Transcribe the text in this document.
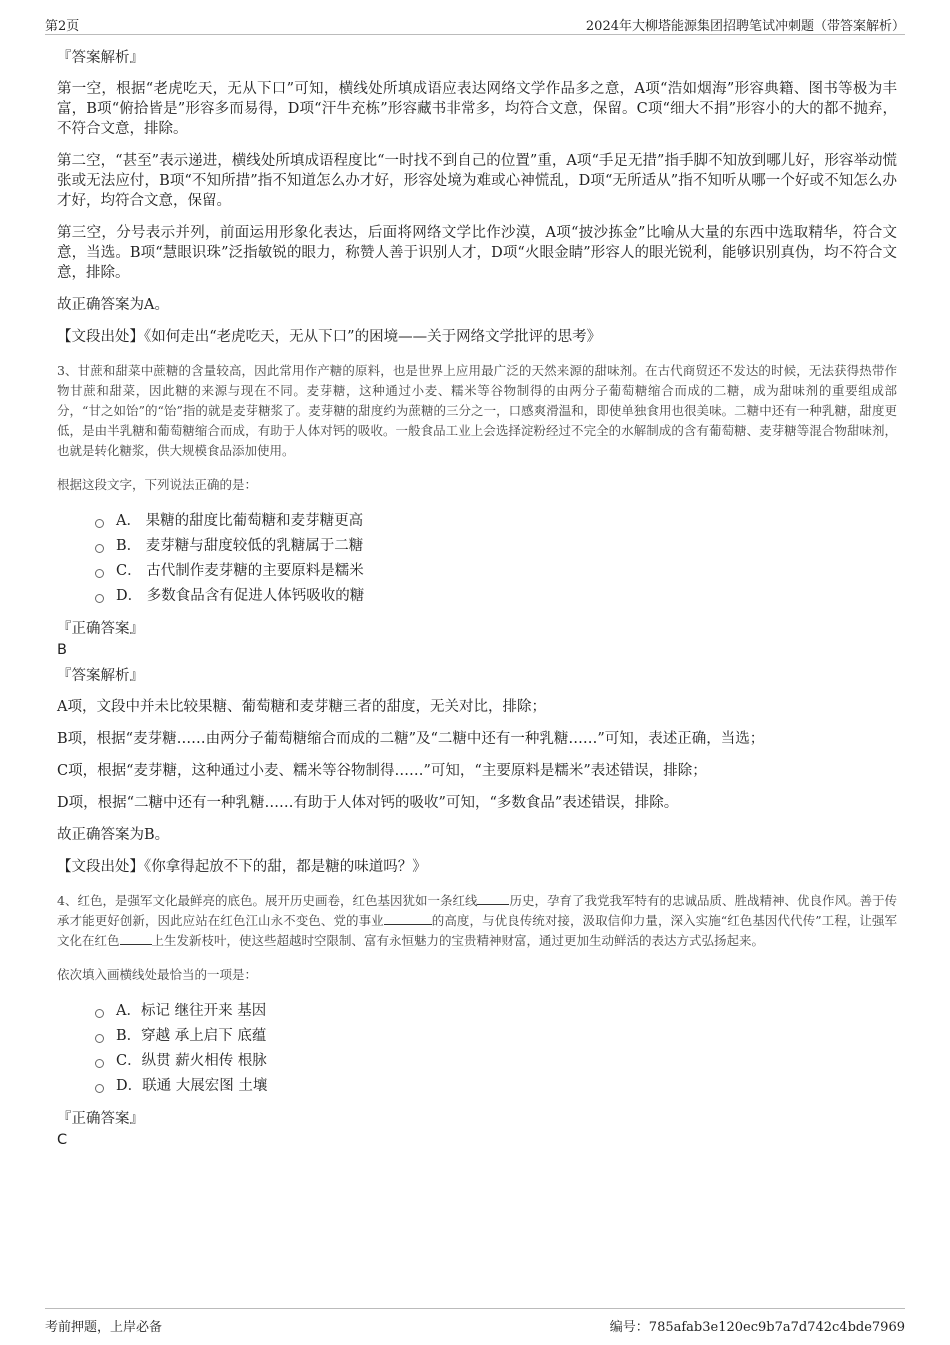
第2页	2024年大柳塔能源集团招聘笔试冲刺题（带答案解析）
『答案解析』

第一空，根据“老虎吃天，无从下口”可知，横线处所填成语应表达网络文学作品多之意，A项“浩如烟海”形容典籍、图书等极为丰富，B项“俯拾皆是”形容多而易得，D项“汗牛充栋”形容藏书非常多，均符合文意，保留。C项“细大不捐”形容小的大的都不抛弃，不符合文意，排除。

第二空，“甚至”表示递进，横线处所填成语程度比“一时找不到自己的位置”重，A项“手足无措”指手脚不知放到哪儿好，形容举动慌张或无法应付，B项“不知所措”指不知道怎么办才好，形容处境为难或心神慌乱，D项“无所适从”指不知听从哪一个好或不知怎么办才好，均符合文意，保留。

第三空，分号表示并列，前面运用形象化表达，后面将网络文学比作沙漠，A项“披沙拣金”比喻从大量的东西中选取精华，符合文意，当选。B项“慧眼识珠”泛指敏锐的眼力，称赞人善于识别人才，D项“火眼金睛”形容人的眼光锐利，能够识别真伪，均不符合文意，排除。

故正确答案为A。

【文段出处】《如何走出“老虎吃天，无从下口”的困境——关于网络文学批评的思考》

3、甘蔗和甜菜中蔗糖的含量较高，因此常用作产糖的原料，也是世界上应用最广泛的天然来源的甜味剂。在古代商贸还不发达的时候，无法获得热带作物甘蔗和甜菜，因此糖的来源与现在不同。麦芽糖，这种通过小麦、糯米等谷物制得的由两分子葡萄糖缩合而成的二糖，成为甜味剂的重要组成部分，“甘之如饴”的“饴”指的就是麦芽糖浆了。麦芽糖的甜度约为蔗糖的三分之一，口感爽滑温和，即使单独食用也很美味。二糖中还有一种乳糖，甜度更低，是由半乳糖和葡萄糖缩合而成，有助于人体对钙的吸收。一般食品工业上会选择淀粉经过不完全的水解制成的含有葡萄糖、麦芽糖等混合物甜味剂，也就是转化糖浆，供大规模食品添加使用。
根据这段文字，下列说法正确的是：
A． 果糖的甜度比葡萄糖和麦芽糖更高
B． 麦芽糖与甜度较低的乳糖属于二糖
C． 古代制作麦芽糖的主要原料是糯米
D． 多数食品含有促进人体钙吸收的糖
『正确答案』
B
『答案解析』

A项，文段中并未比较果糖、葡萄糖和麦芽糖三者的甜度，无关对比，排除；

B项，根据“麦芽糖……由两分子葡萄糖缩合而成的二糖”及“二糖中还有一种乳糖……”可知，表述正确，当选；

C项，根据“麦芽糖，这种通过小麦、糯米等谷物制得……”可知，“主要原料是糯米”表述错误，排除；

D项，根据“二糖中还有一种乳糖……有助于人体对钙的吸收”可知，“多数食品”表述错误，排除。

故正确答案为B。

【文段出处】《你拿得起放不下的甜，都是糖的味道吗？》

4、红色，是强军文化最鲜亮的底色。展开历史画卷，红色基因犹如一条红线	历史，孕育了我党我军特有的忠诚品质、胜战精神、优良作风。善于传承才能更好创新，因此应站在红色江山永不变色、党的事业	的高度，与优良传统对接，汲取信仰力量，深入实施“红色基因代代传”工程，让强军文化在红色	上生发新枝叶，使这些超越时空限制、富有永恒魅力的宝贵精神财富，通过更加生动鲜活的表达方式弘扬起来。
依次填入画横线处最恰当的一项是：
A．标记 继往开来 基因
B．穿越 承上启下 底蕴
C．纵贯 薪火相传 根脉
D．联通 大展宏图 土壤
『正确答案』
C
考前押题，上岸必备	编号：785afab3e120ec9b7a7d742c4bde7969
